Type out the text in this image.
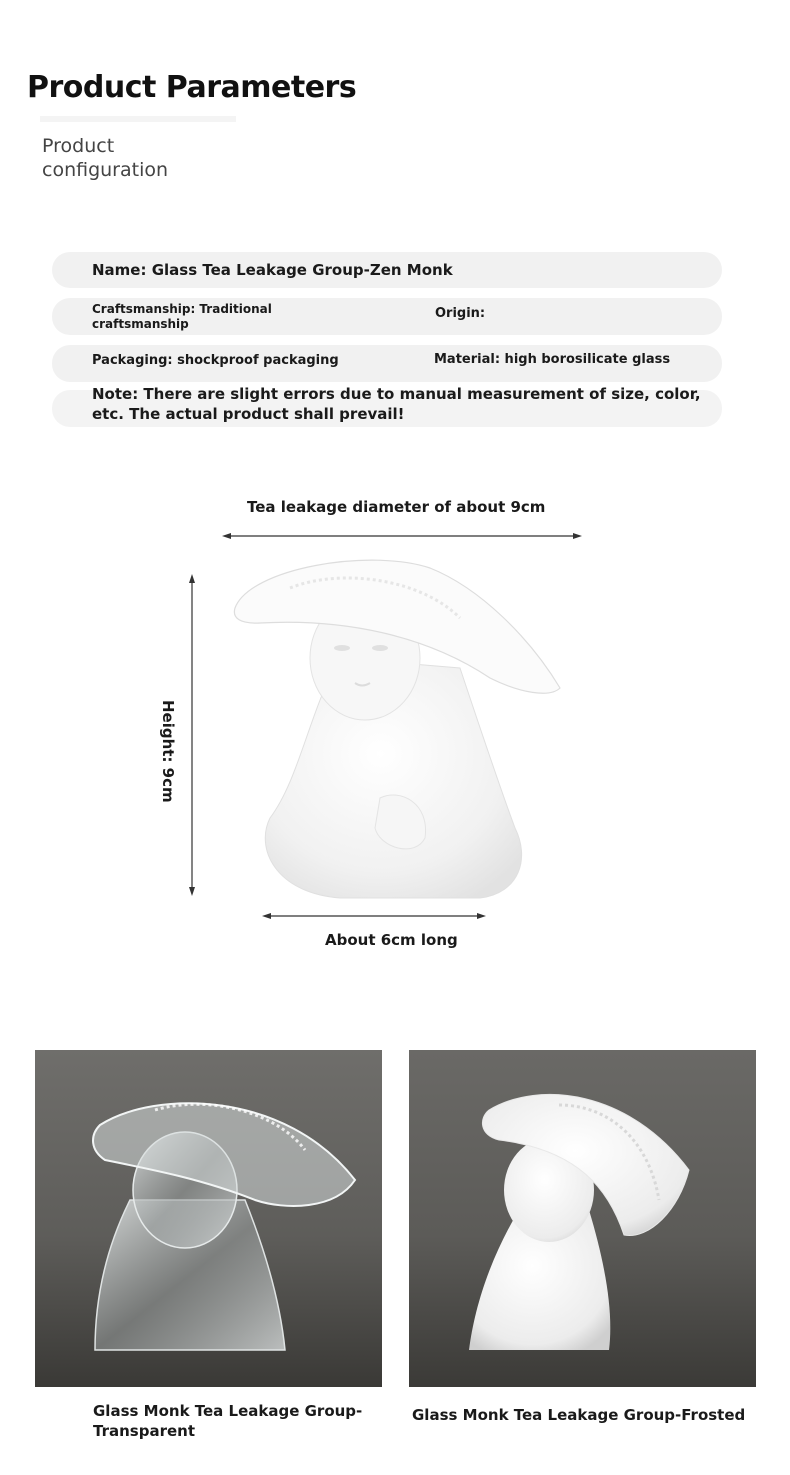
Product Parameters
Product configuration
Name: Glass Tea Leakage Group-Zen Monk
Craftsmanship: Traditional craftsmanship
Origin:
Packaging: shockproof packaging	Material: high borosilicate glass
Note: There are slight errors due to manual measurement of size, color, etc. The actual product shall prevail!
Tea leakage diameter of about 9cm
Height: 9cm
About 6cm long
Glass Monk Tea Leakage Group-Transparent
Glass Monk Tea Leakage Group-Frosted
